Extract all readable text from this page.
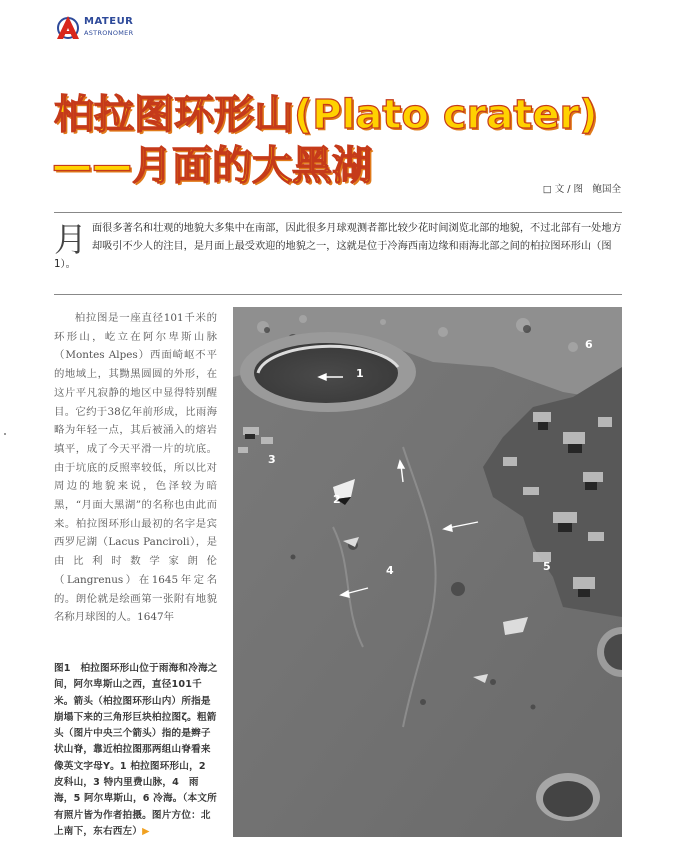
MATEUR
ASTRONOMER
柏拉图环形山(Plato crater)
——月面的大黑湖
□ 文 / 图　鲍国全
月 面很多著名和壮观的地貌大多集中在南部，因此很多月球观测者都比较少花时间浏览北部的地貌，不过北部有一处地方却吸引不少人的注目，是月面上最受欢迎的地貌之一，这就是位于冷海西南边缘和雨海北部之间的柏拉图环形山（图1）。
柏拉图是一座直径101千米的环形山，屹立在阿尔卑斯山脉（Montes Alpes）西面崎岖不平的地域上，其黝黑圆圆的外形，在这片平凡寂静的地区中显得特别醒目。它约于38亿年前形成，比雨海略为年轻一点，其后被涌入的熔岩填平，成了今天平滑一片的坑底。由于坑底的反照率较低，所以比对周边的地貌来说，色泽较为暗黑，“月面大黑湖”的名称也由此而来。柏拉图环形山最初的名字是宾西罗尼湖（Lacus Panciroli），是由比利时数学家朗伦（Langrenus）在1645年定名的。朗伦就是绘画第一张附有地貌名称月球图的人。1647年
图1　柏拉图环形山位于雨海和冷海之间，阿尔卑斯山之西，直径101千米。箭头（柏拉图环形山内）所指是崩塌下来的三角形巨块柏拉图ζ。粗箭头（图片中央三个箭头）指的是辫子状山脊，靠近柏拉图那两组山脊看来像英文字母Y。1 柏拉图环形山，2 皮科山，3 特内里费山脉，4　雨海，5 阿尔卑斯山，6 冷海。（本文所有照片皆为作者拍摄。图片方位：北上南下，东右西左）▶
1
2
3
4	5
6
